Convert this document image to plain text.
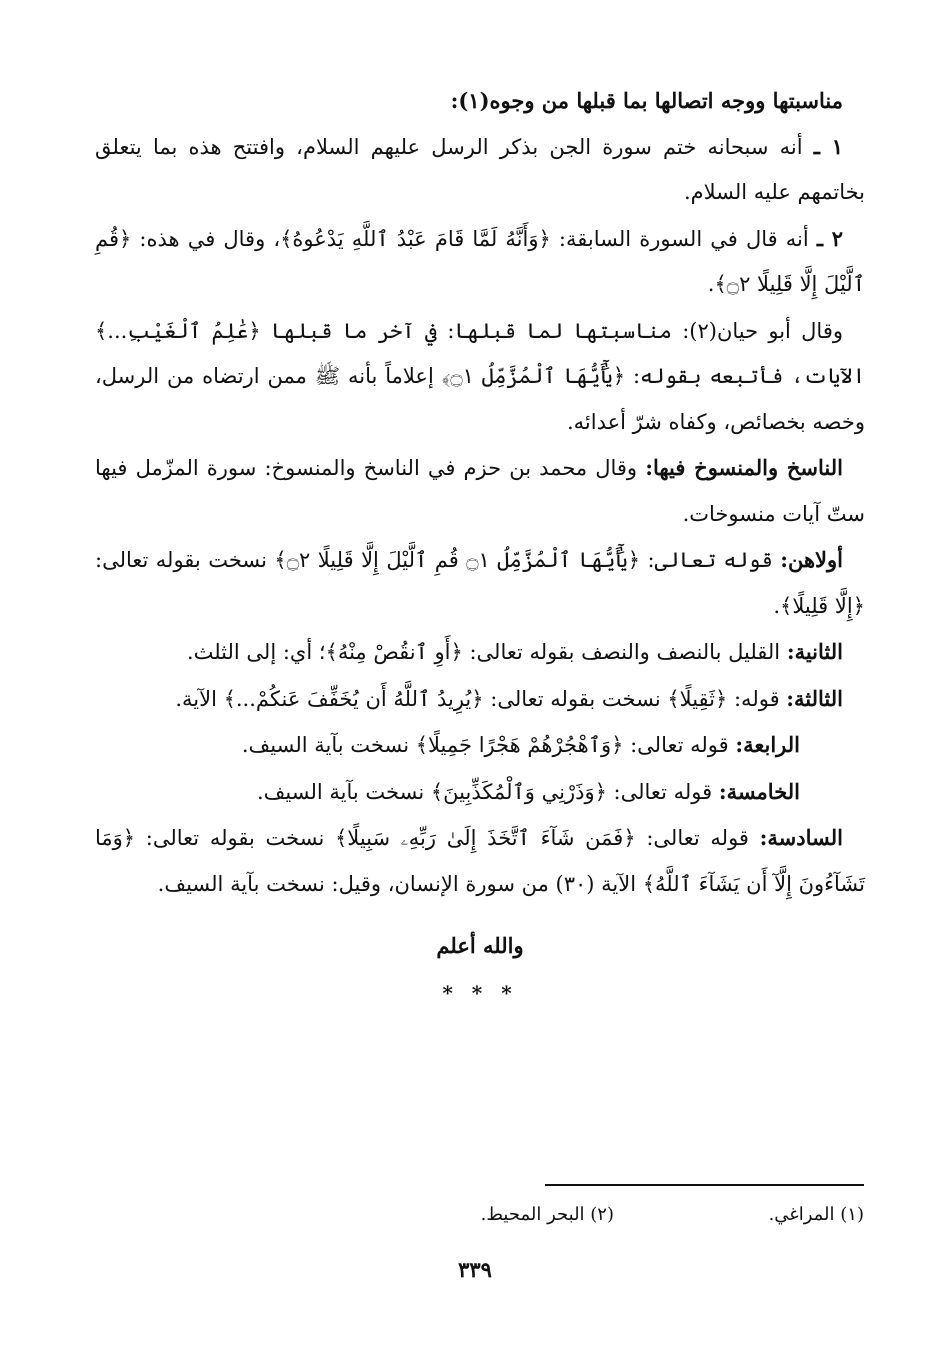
مناسبتها ووجه اتصالها بما قبلها من وجوه(١):

١ ـ أنه سبحانه ختم سورة الجن بذكر الرسل عليهم السلام، وافتتح هذه بما يتعلق بخاتمهم عليه السلام.

٢ ـ أنه قال في السورة السابقة: ﴿وَأَنَّهُ لَمَّا قَامَ عَبْدُ ٱللَّهِ يَدْعُوهُ﴾، وقال في هذه: ﴿قُمِ ٱلَّيْلَ إِلَّا قَلِيلًا ۝٢﴾.

وقال أبو حيان(٢): مناسبتها لما قبلها: في آخر ما قبلها ﴿عَٰلِمُ ٱلْغَيْبِ...﴾ الآيات، فأتبعه بقوله: ﴿يَٰٓأَيُّهَا ٱلْمُزَّمِّلُ ۝١﴾ إعلاماً بأنه ﷺ ممن ارتضاه من الرسل، وخصه بخصائص، وكفاه شرّ أعدائه.

الناسخ والمنسوخ فيها: وقال محمد بن حزم في الناسخ والمنسوخ: سورة المزّمل فيها ستّ آيات منسوخات.

أولاهن: قوله تعالى: ﴿يَٰٓأَيُّهَا ٱلْمُزَّمِّلُ ۝١ قُمِ ٱلَّيْلَ إِلَّا قَلِيلًا ۝٢﴾ نسخت بقوله تعالى: ﴿إِلَّا قَلِيلًا﴾.

الثانية: القليل بالنصف والنصف بقوله تعالى: ﴿أَوِ ٱنقُصْ مِنْهُ﴾؛ أي: إلى الثلث.

الثالثة: قوله: ﴿ثَقِيلًا﴾ نسخت بقوله تعالى: ﴿يُرِيدُ ٱللَّهُ أَن يُخَفِّفَ عَنكُمْ...﴾ الآية.

الرابعة: قوله تعالى: ﴿وَٱهْجُرْهُمْ هَجْرًا جَمِيلًا﴾ نسخت بآية السيف.

الخامسة: قوله تعالى: ﴿وَذَرْنِي وَٱلْمُكَذِّبِينَ﴾ نسخت بآية السيف.

السادسة: قوله تعالى: ﴿فَمَن شَآءَ ٱتَّخَذَ إِلَىٰ رَبِّهِۦ سَبِيلًا﴾ نسخت بقوله تعالى: ﴿وَمَا تَشَآءُونَ إِلَّآ أَن يَشَآءَ ٱللَّهُ﴾ الآية (٣٠) من سورة الإنسان، وقيل: نسخت بآية السيف.

والله أعلم

* * *

(١) المراغي.
(٢) البحر المحيط.
٣٣٩
